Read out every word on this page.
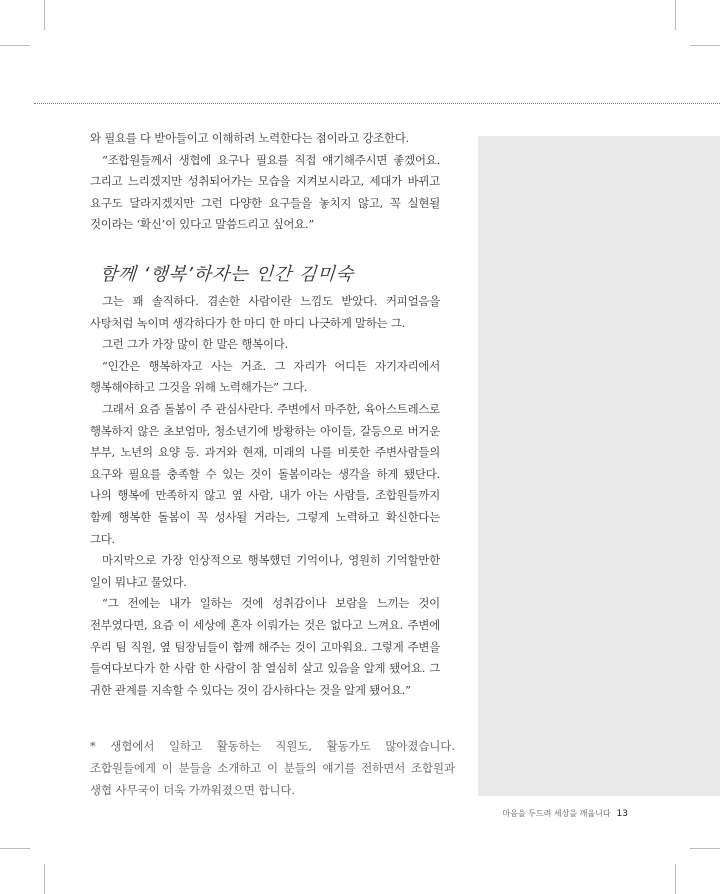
와 필요를 다 받아들이고 이해하려 노력한다는 점이라고 강조한다.

“조합원들께서 생협에 요구나 필요를 직접 얘기해주시면 좋겠어요. 그리고 느리겠지만 성취되어가는 모습을 지켜보시라고, 세대가 바뀌고 요구도 달라지겠지만 그런 다양한 요구들을 놓치지 않고, 꼭 실현될 것이라는 ‘확신’이 있다고 말씀드리고 싶어요.”

함께 ‘행복’하자는 인간 김미숙

그는 꽤 솔직하다. 겸손한 사람이란 느낌도 받았다. 커피얼음을 사탕처럼 녹이며 생각하다가 한 마디 한 마디 나긋하게 말하는 그.

그런 그가 가장 많이 한 말은 행복이다.

“인간은 행복하자고 사는 거죠. 그 자리가 어디든 자기자리에서 행복해야하고 그것을 위해 노력해가는” 그다.

그래서 요즘 돌봄이 주 관심사란다. 주변에서 마주한, 육아스트레스로 행복하지 않은 초보엄마, 청소년기에 방황하는 아이들, 갈등으로 버거운 부부, 노년의 요양 등. 과거와 현재, 미래의 나를 비롯한 주변사람들의 요구와 필요를 충족할 수 있는 것이 돌봄이라는 생각을 하게 됐단다. 나의 행복에 만족하지 않고 옆 사람, 내가 아는 사람들, 조합원들까지 함께 행복한 돌봄이 꼭 성사될 거라는, 그렇게 노력하고 확신한다는 그다.

마지막으로 가장 인상적으로 행복했던 기억이나, 영원히 기억할만한 일이 뭐냐고 물었다.

“그 전에는 내가 일하는 것에 성취감이나 보람을 느끼는 것이 전부였다면, 요즘 이 세상에 혼자 이뤄가는 것은 없다고 느껴요. 주변에 우리 팀 직원, 옆 팀장님들이 함께 해주는 것이 고마워요. 그렇게 주변을 들여다보다가 한 사람 한 사람이 참 열심히 살고 있음을 알게 됐어요. 그 귀한 관계를 지속할 수 있다는 것이 감사하다는 것을 알게 됐어요.”

* 생협에서 일하고 활동하는 직원도, 활동가도 많아졌습니다. 조합원들에게 이 분들을 소개하고 이 분들의 얘기를 전하면서 조합원과 생협 사무국이 더욱 가까워졌으면 합니다.

마음을 두드려 세상을 깨웁니다 13
